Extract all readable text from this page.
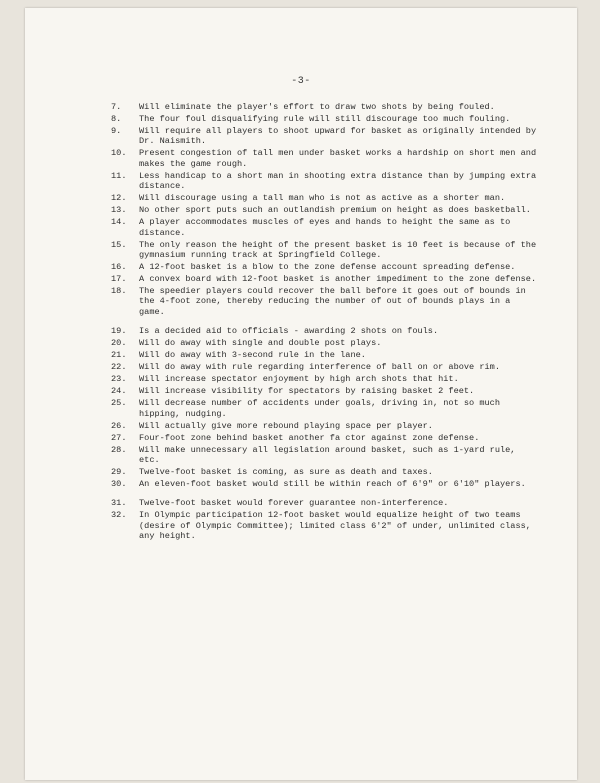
-3-
7.	Will eliminate the player's effort to draw two shots by being fouled.
8.	The four foul disqualifying rule will still discourage too much fouling.
9.	Will require all players to shoot upward for basket as originally intended by Dr. Naismith.
10.	Present congestion of tall men under basket works a hardship on short men and makes the game rough.
11.	Less handicap to a short man in shooting extra distance than by jumping extra distance.
12.	Will discourage using a tall man who is not as active as a shorter man.
13.	No other sport puts such an outlandish premium on height as does basketball.
14.	A player accommodates muscles of eyes and hands to height the same as to distance.
15.	The only reason the height of the present basket is 10 feet is because of the gymnasium running track at Springfield College.
16.	A 12-foot basket is a blow to the zone defense account spreading defense.
17.	A convex board with 12-foot basket is another impediment to the zone defense.
18.	The speedier players could recover the ball before it goes out of bounds in the 4-foot zone, thereby reducing the number of out of bounds plays in a game.
19.	Is a decided aid to officials - awarding 2 shots on fouls.
20.	Will do away with single and double post plays.
21.	Will do away with 3-second rule in the lane.
22.	Will do away with rule regarding interference of ball on or above rim.
23.	Will increase spectator enjoyment by high arch shots that hit.
24.	Will increase visibility for spectators by raising basket 2 feet.
25.	Will decrease number of accidents under goals, driving in, not so much hipping, nudging.
26.	Will actually give more rebound playing space per player.
27.	Four-foot zone behind basket another fa ctor against zone defense.
28.	Will make unnecessary all legislation around basket, such as 1-yard rule, etc.
29.	Twelve-foot basket is coming, as sure as death and taxes.
30.	An eleven-foot basket would still be within reach of 6'9" or 6'10" players.
31.	Twelve-foot basket would forever guarantee non-interference.
32.	In Olympic participation 12-foot basket would equalize height of two teams (desire of Olympic Committee); limited class 6'2" of under, unlimited class, any height.
